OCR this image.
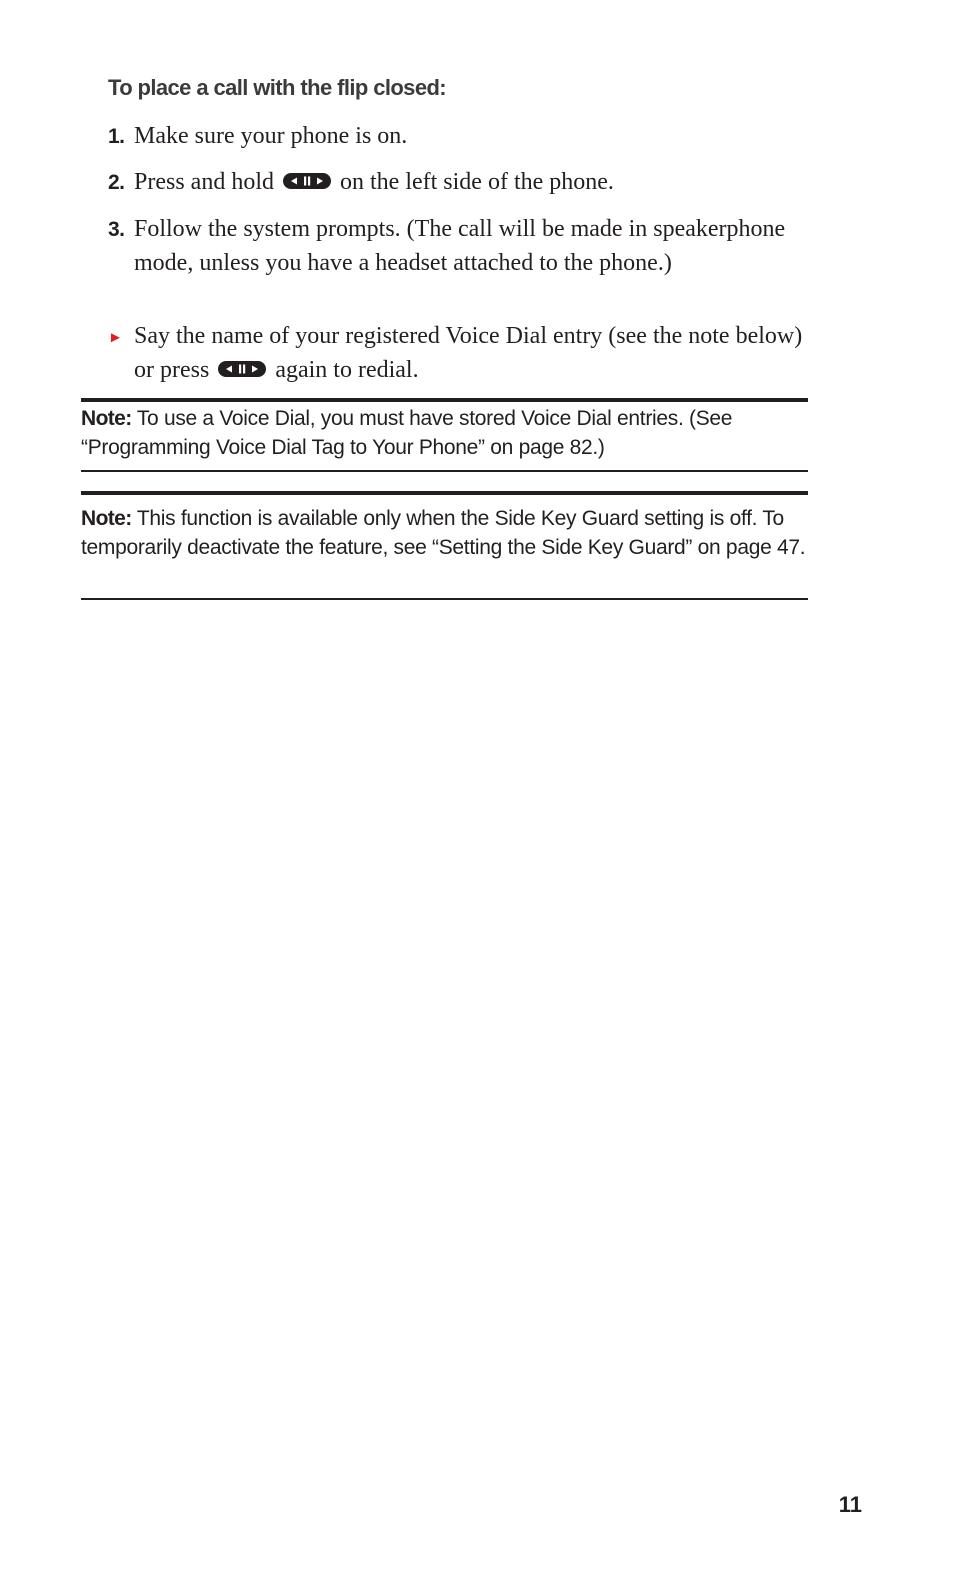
To place a call with the flip closed:
1. Make sure your phone is on.
2. Press and hold	on the left side of the phone.
3. Follow the system prompts. (The call will be made in speakerphone mode, unless you have a headset attached to the phone.)
► Say the name of your registered Voice Dial entry (see the note below) or press	again to redial.
Note: To use a Voice Dial, you must have stored Voice Dial entries. (See “Programming Voice Dial Tag to Your Phone” on page 82.)
Note: This function is available only when the Side Key Guard setting is off. To temporarily deactivate the feature, see “Setting the Side Key Guard” on page 47.
11
